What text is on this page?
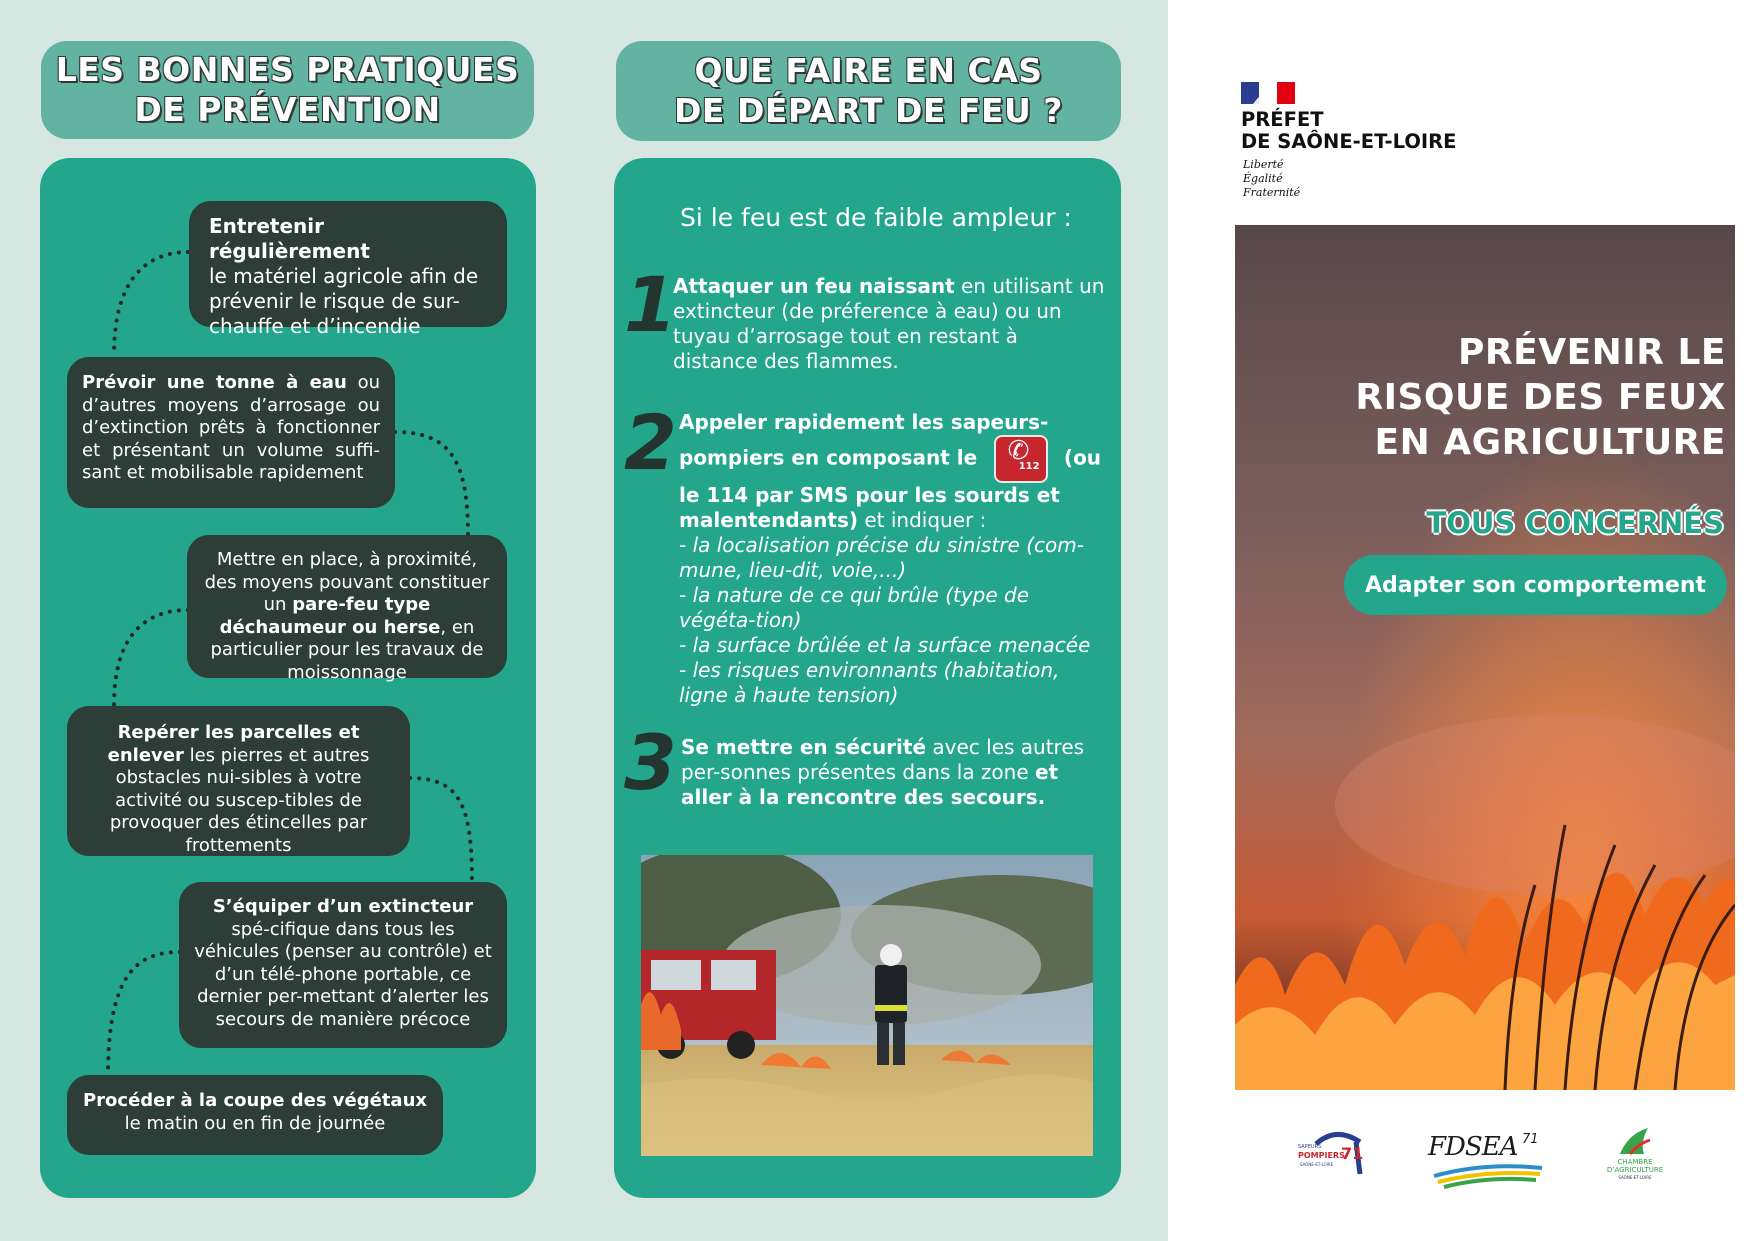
LES BONNES PRATIQUES
DE PRÉVENTION
Entretenir régulièrement

le matériel agricole afin de prévenir le risque de sur-chauffe et d’incendie
Prévoir une tonne à eau ou d’autres moyens d’arrosage ou d’extinction prêts à fonctionner et présentant un volume suffi-sant et mobilisable rapidement
Mettre en place, à proximité, des moyens pouvant constituer un pare-feu type déchaumeur ou herse, en particulier pour les travaux de moissonnage
Repérer les parcelles et enlever les pierres et autres obstacles nui-sibles à votre activité ou suscep-tibles de provoquer des étincelles par frottements
S’équiper d’un extincteur spé-cifique dans tous les véhicules (penser au contrôle) et d’un télé-phone portable, ce dernier per-mettant d’alerter les secours de manière précoce
Procéder à la coupe des végétaux le matin ou en fin de journée
QUE FAIRE EN CAS
DE DÉPART DE FEU ?
Si le feu est de faible ampleur :
1
Attaquer un feu naissant en utilisant un extincteur (de préference à eau) ou un tuyau d’arrosage tout en restant à distance des flammes.
2 Appeler rapidement les sapeurs-pompiers en composant le ✆
112 (ou le 114 par SMS pour les sourds et malentendants) et indiquer :
- la localisation précise du sinistre (com-mune, lieu-dit, voie,...)
- la nature de ce qui brûle (type de végéta-tion)
- la surface brûlée et la surface menacée
- les risques environnants (habitation, ligne à haute tension)
3 Se mettre en sécurité avec les autres per-sonnes présentes dans la zone et aller à la rencontre des secours.
PRÉFET
DE SAÔNE-ET-LOIRE
Liberté
Égalité
Fraternité
PRÉVENIR LE
RISQUE DES FEUX
EN AGRICULTURE
TOUS CONCERNÉS
Adapter son comportement
SAPEURS
POMPIERS
71
SAÔNE-ET-LOIRE
FDSEA 71
CHAMBRE
D’AGRICULTURE
SAÔNE-ET-LOIRE
